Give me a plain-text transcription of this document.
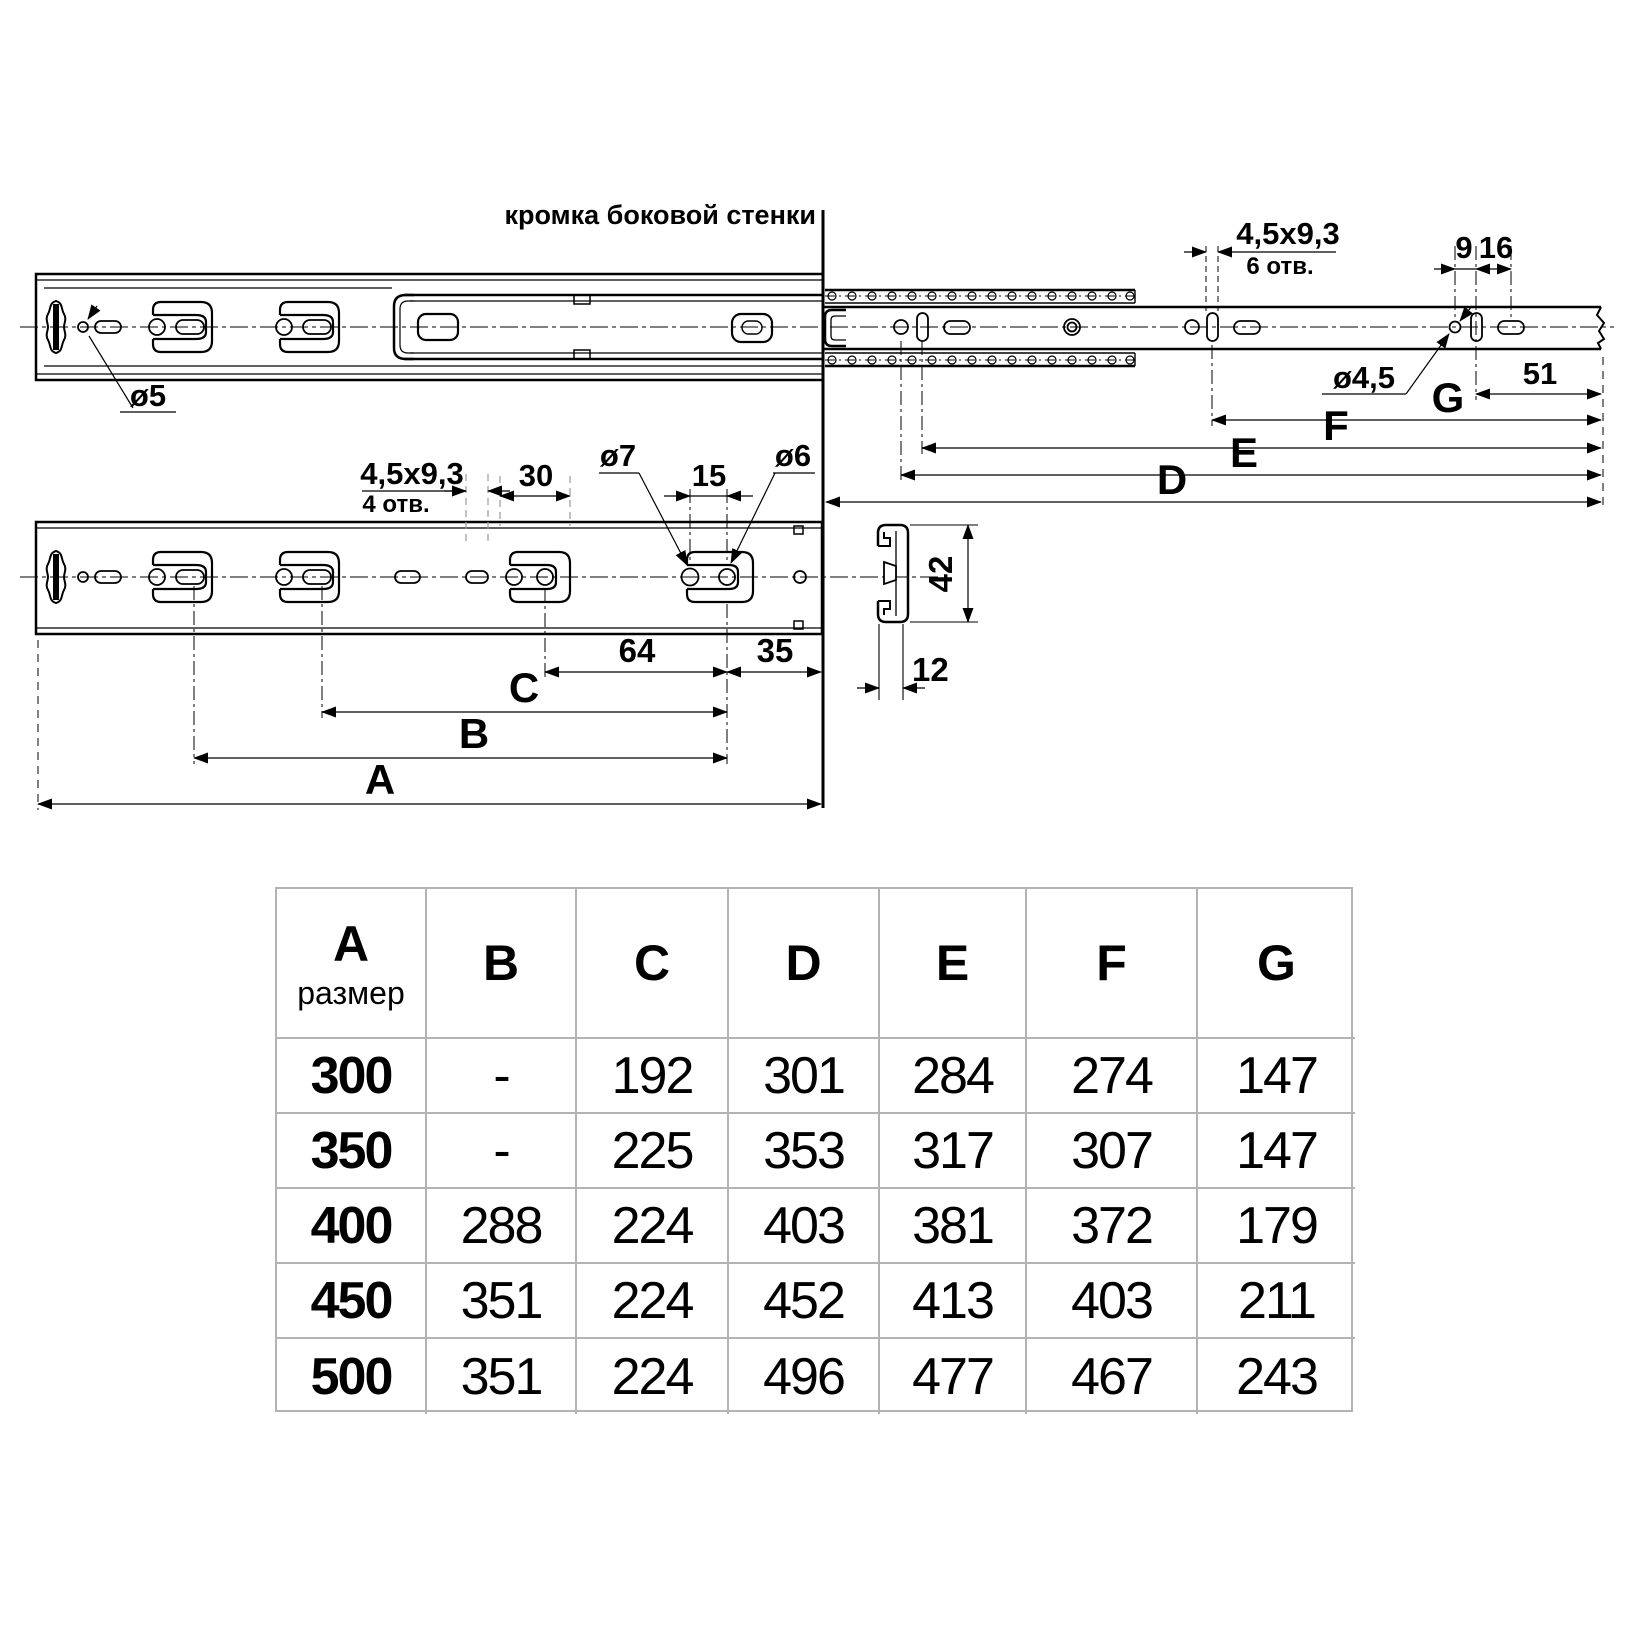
кромка боковой стенки
4,5x9,3
6 отв.
9 16
ø4,5	51
G
F
E
D
ø5
4,5x9,3
4 отв.
30
ø7
15
ø6
64	35
C
B
A
42
12
A
размер
B	C	D	E	F	G
300	-	192	301	284	274	147
350	-	225	353	317	307	147
400	288	224	403	381	372	179
450	351	224	452	413	403	211
500	351	224	496	477	467	243
